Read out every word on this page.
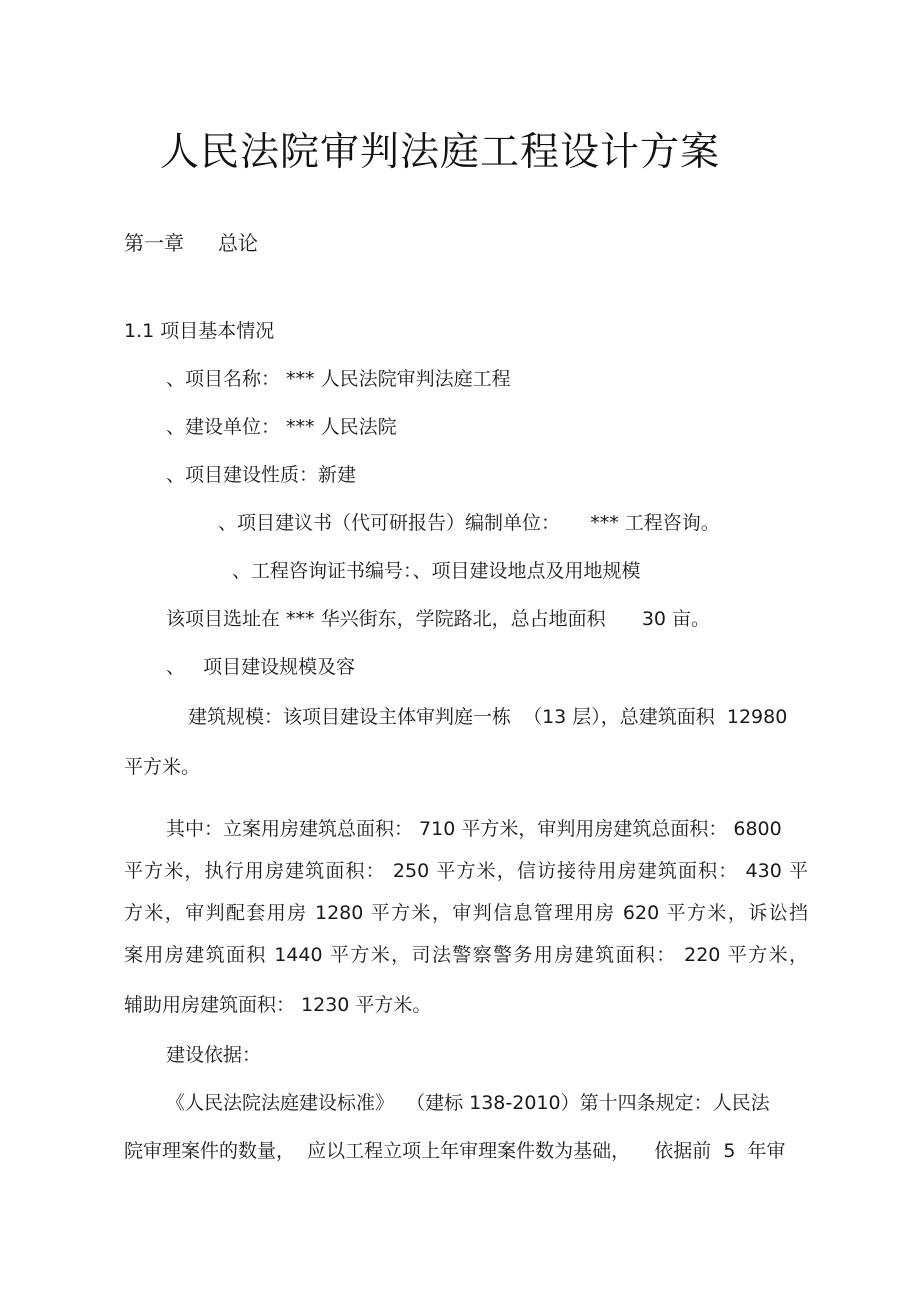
人民法院审判法庭工程设计方案
第一章 总论
1.1 项目基本情况
、项目名称： *** 人民法院审判法庭工程
、建设单位： *** 人民法院
、项目建设性质：新建
、项目建议书（代可研报告）编制单位：     *** 工程咨询。
、工程咨询证书编号：、项目建设地点及用地规模
该项目选址在 *** 华兴街东，学院路北，总占地面积      30 亩。
、   项目建设规模及容
建筑规模：该项目建设主体审判庭一栋  （13 层），总建筑面积  12980
平方米。
其中：立案用房建筑总面积： 710 平方米，审判用房建筑总面积： 6800
平方米，执行用房建筑面积： 250 平方米，信访接待用房建筑面积： 430 平
方米，审判配套用房 1280 平方米，审判信息管理用房 620 平方米，诉讼挡
案用房建筑面积 1440 平方米，司法警察警务用房建筑面积： 220 平方米，
辅助用房建筑面积： 1230 平方米。
建设依据：
《人民法院法庭建设标准》  （建标 138-2010）第十四条规定：人民法
院审理案件的数量，  应以工程立项上年审理案件数为基础，    依据前  5  年审
